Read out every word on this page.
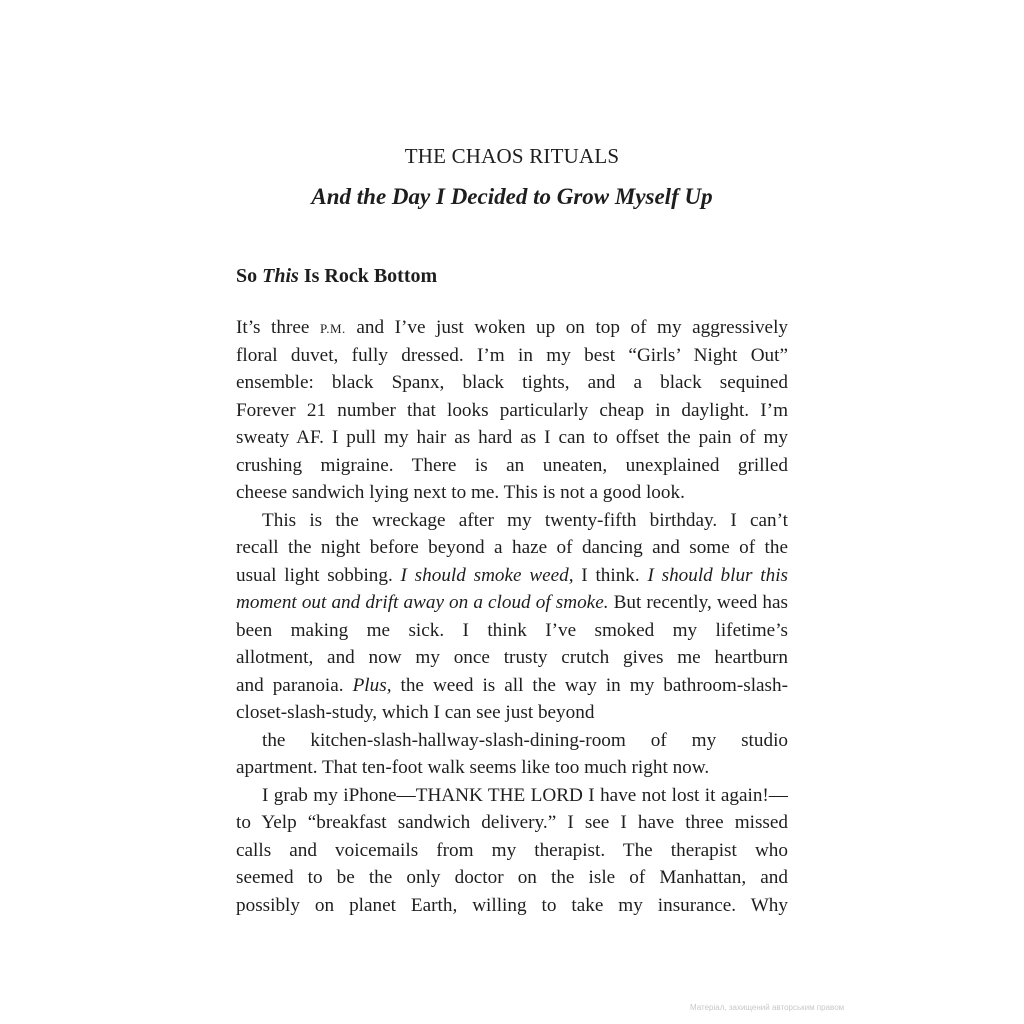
THE CHAOS RITUALS
And the Day I Decided to Grow Myself Up
So This Is Rock Bottom
It’s three P.M. and I’ve just woken up on top of my aggressively
floral duvet, fully dressed. I’m in my best “Girls’ Night Out”
ensemble: black Spanx, black tights, and a black sequined
Forever 21 number that looks particularly cheap in daylight. I’m
sweaty AF. I pull my hair as hard as I can to offset the pain of my
crushing migraine. There is an uneaten, unexplained grilled
cheese sandwich lying next to me. This is not a good look.
This is the wreckage after my twenty-fifth birthday. I can’t
recall the night before beyond a haze of dancing and some of the
usual light sobbing. I should smoke weed, I think. I should blur this
moment out and drift away on a cloud of smoke. But recently, weed has
been making me sick. I think I’ve smoked my lifetime’s
allotment, and now my once trusty crutch gives me heartburn
and paranoia. Plus, the weed is all the way in my bathroom-slash-
closet-slash-study, which I can see just beyond
the kitchen-slash-hallway-slash-dining-room of my studio
apartment. That ten-foot walk seems like too much right now.
I grab my iPhone—THANK THE LORD I have not lost it again!—
to Yelp “breakfast sandwich delivery.” I see I have three missed
calls and voicemails from my therapist. The therapist who
seemed to be the only doctor on the isle of Manhattan, and
possibly on planet Earth, willing to take my insurance. Why
Матеріал, захищений авторським правом
